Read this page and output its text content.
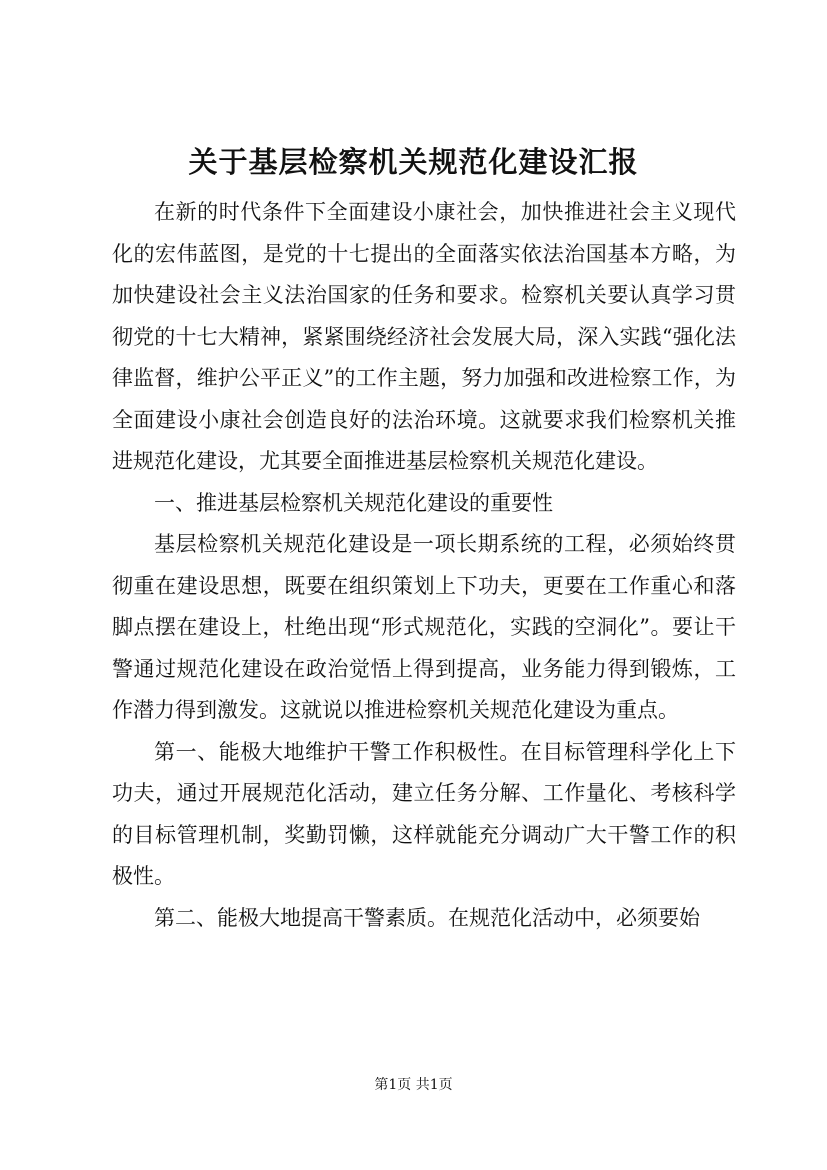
关于基层检察机关规范化建设汇报

在新的时代条件下全面建设小康社会，加快推进社会主义现代化的宏伟蓝图，是党的十七提出的全面落实依法治国基本方略，为加快建设社会主义法治国家的任务和要求。检察机关要认真学习贯彻党的十七大精神，紧紧围绕经济社会发展大局，深入实践“强化法律监督，维护公平正义”的工作主题，努力加强和改进检察工作，为全面建设小康社会创造良好的法治环境。这就要求我们检察机关推进规范化建设，尤其要全面推进基层检察机关规范化建设。

一、推进基层检察机关规范化建设的重要性

基层检察机关规范化建设是一项长期系统的工程，必须始终贯彻重在建设思想，既要在组织策划上下功夫，更要在工作重心和落脚点摆在建设上，杜绝出现“形式规范化，实践的空洞化”。要让干警通过规范化建设在政治觉悟上得到提高，业务能力得到锻炼，工作潜力得到激发。这就说以推进检察机关规范化建设为重点。

第一、能极大地维护干警工作积极性。在目标管理科学化上下功夫，通过开展规范化活动，建立任务分解、工作量化、考核科学的目标管理机制，奖勤罚懒，这样就能充分调动广大干警工作的积极性。

第二、能极大地提高干警素质。在规范化活动中，必须要始

第1页 共1页
